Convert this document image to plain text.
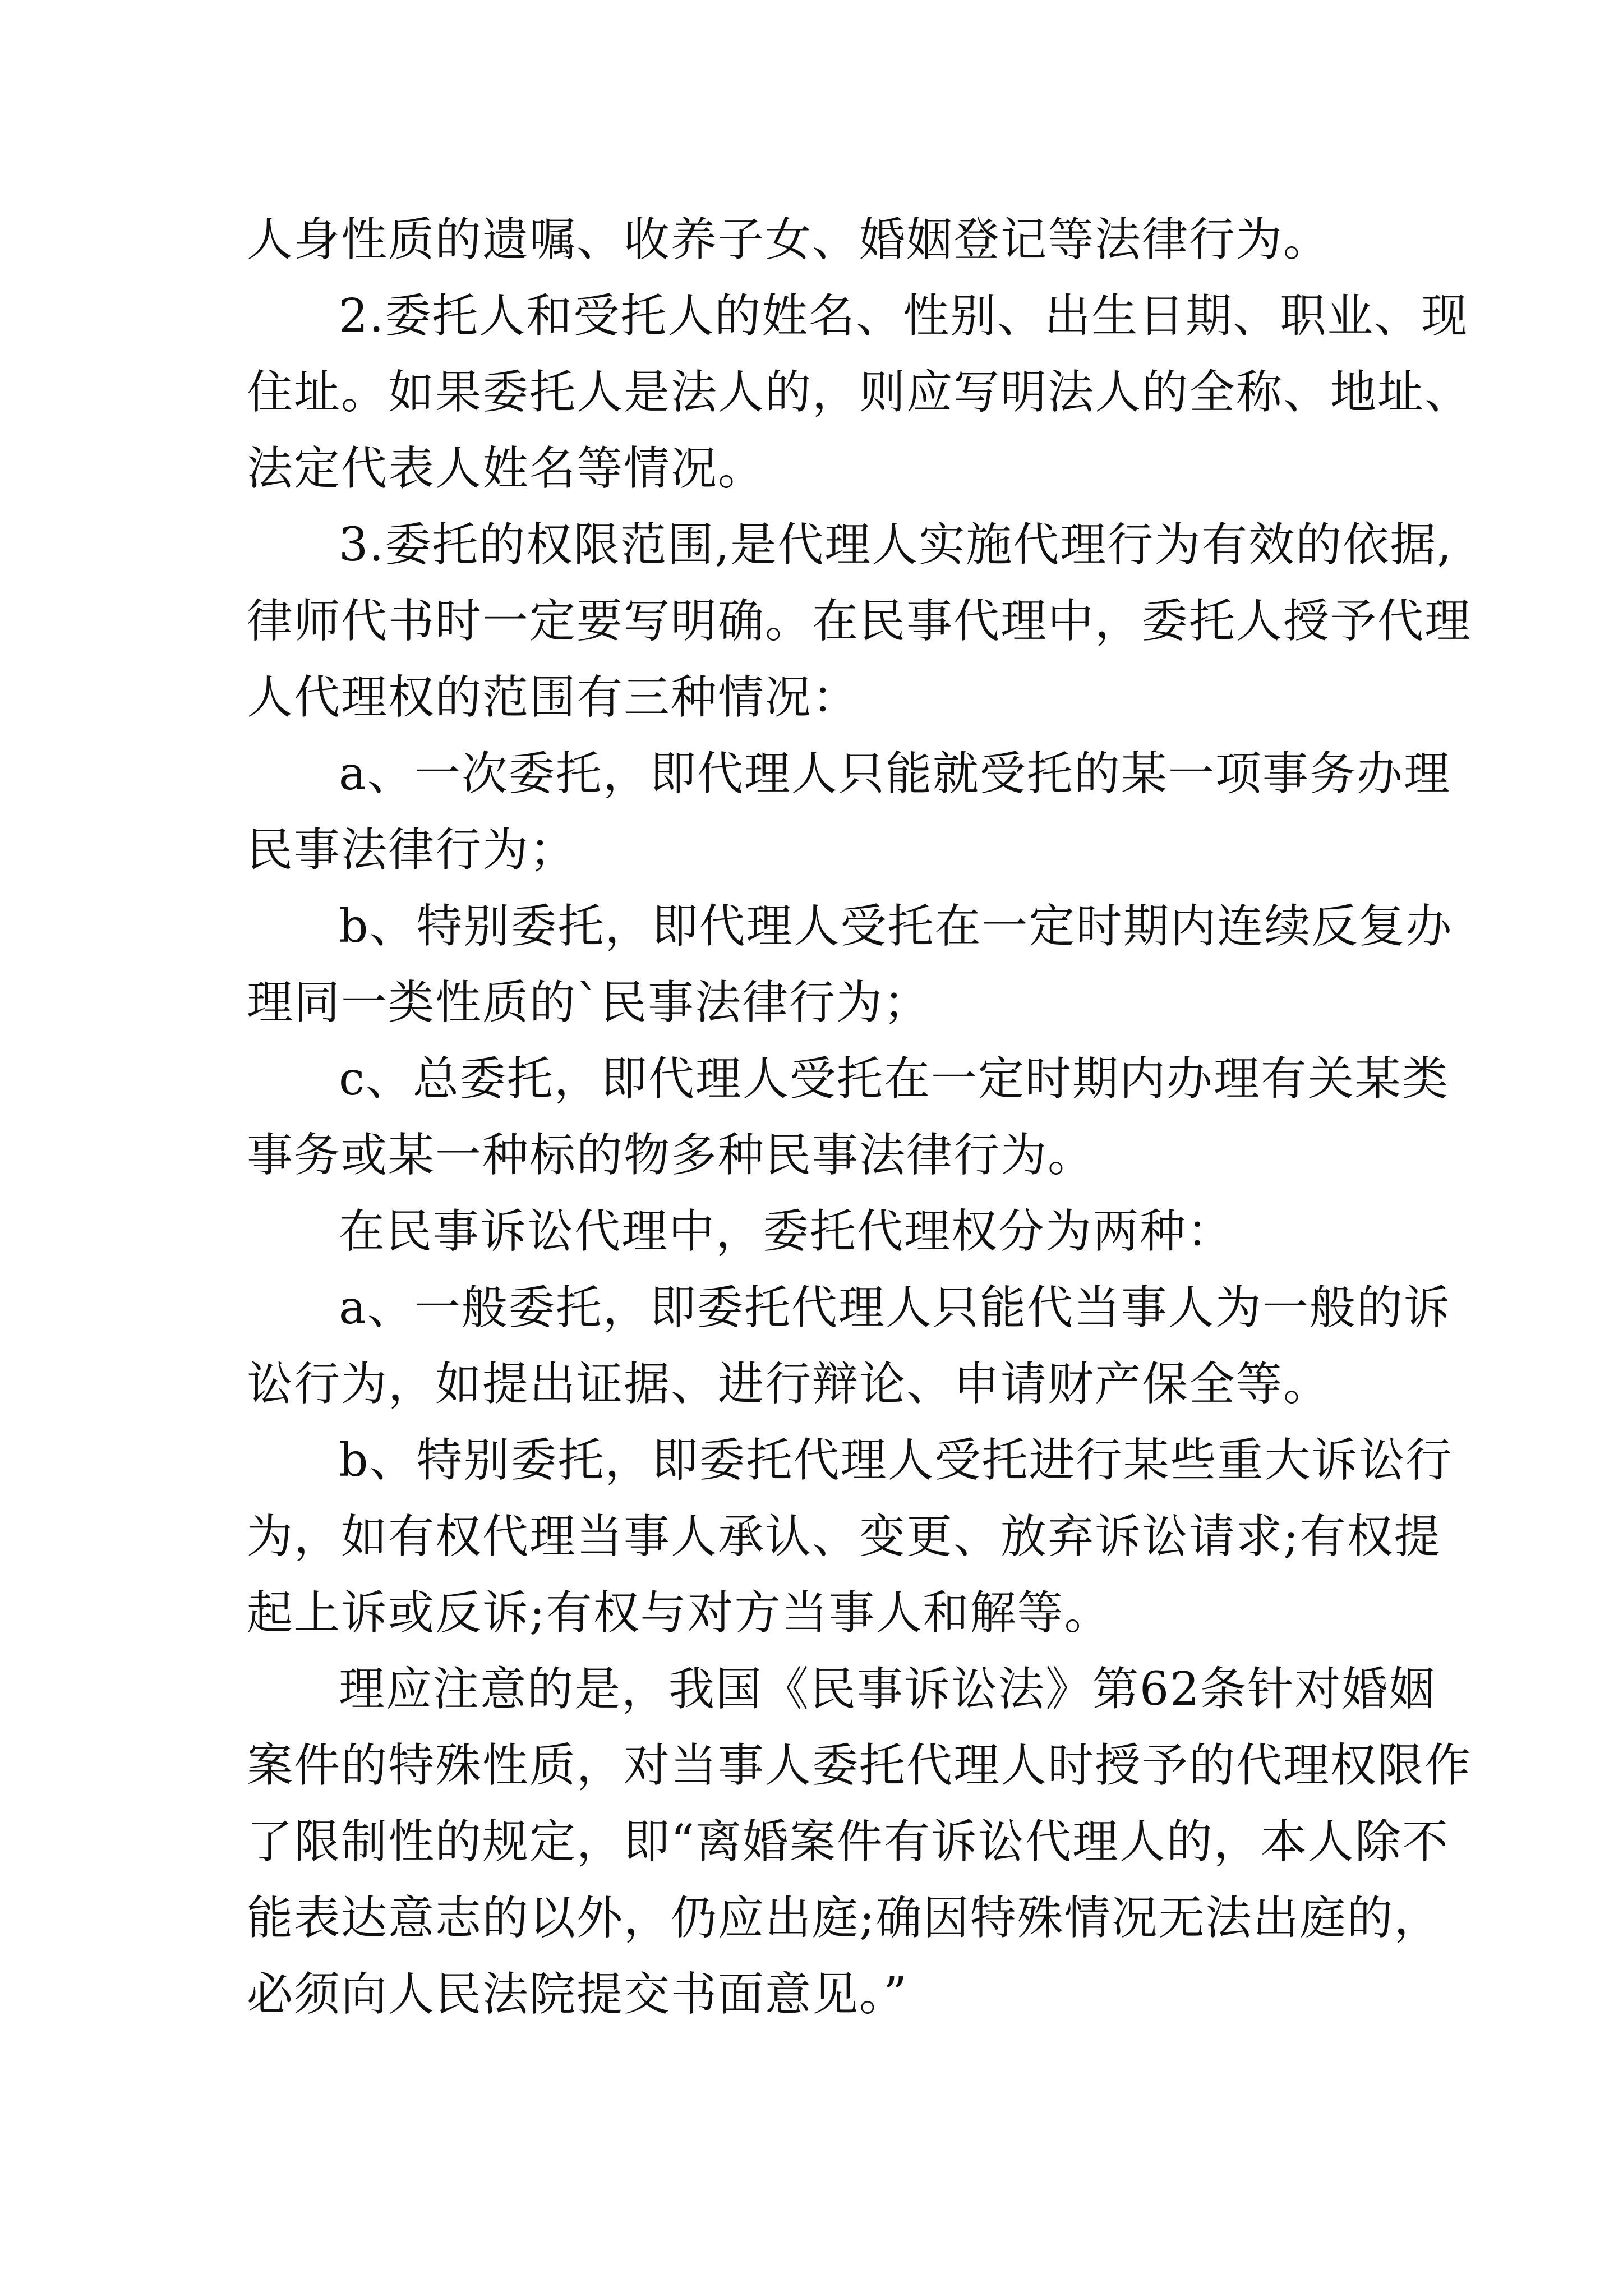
人身性质的遗嘱、收养子女、婚姻登记等法律行为。
2.委托人和受托人的姓名、性别、出生日期、职业、现
住址。如果委托人是法人的，则应写明法人的全称、地址、
法定代表人姓名等情况。
3.委托的权限范围,是代理人实施代理行为有效的依据,
律师代书时一定要写明确。在民事代理中，委托人授予代理
人代理权的范围有三种情况：
a、一次委托，即代理人只能就受托的某一项事务办理
民事法律行为；
b、特别委托，即代理人受托在一定时期内连续反复办
理同一类性质的`民事法律行为；
c、总委托，即代理人受托在一定时期内办理有关某类
事务或某一种标的物多种民事法律行为。
在民事诉讼代理中，委托代理权分为两种：
a、一般委托，即委托代理人只能代当事人为一般的诉
讼行为，如提出证据、进行辩论、申请财产保全等。
b、特别委托，即委托代理人受托进行某些重大诉讼行
为，如有权代理当事人承认、变更、放弃诉讼请求;有权提
起上诉或反诉;有权与对方当事人和解等。
理应注意的是，我国《民事诉讼法》第62条针对婚姻
案件的特殊性质，对当事人委托代理人时授予的代理权限作
了限制性的规定，即“离婚案件有诉讼代理人的，本人除不
能表达意志的以外，仍应出庭;确因特殊情况无法出庭的，
必须向人民法院提交书面意见。”
